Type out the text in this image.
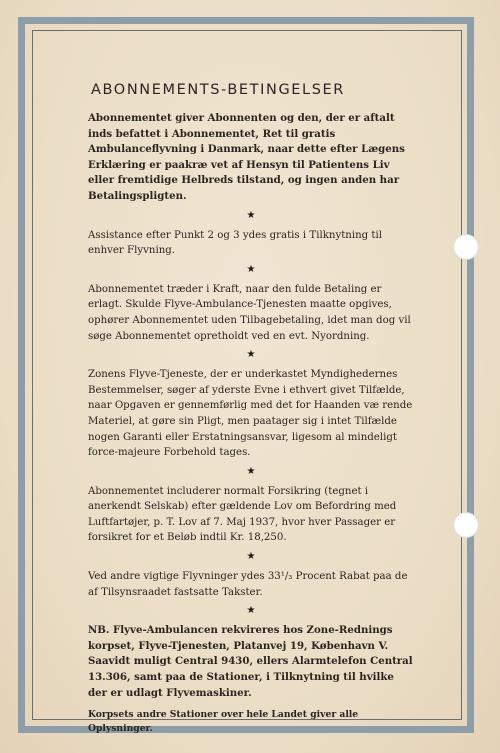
ABONNEMENTS-BETINGELSER

Abonnementet giver Abonnenten og den, der er aftalt inds befattet i Abonnementet, Ret til gratis Ambulanceflyvning i Danmark, naar dette efter Lægens Erklæring er paakræ vet af Hensyn til Patientens Liv eller fremtidige Helbreds tilstand, og ingen anden har Betalingspligten.

★

Assistance efter Punkt 2 og 3 ydes gratis i Tilknytning til enhver Flyvning.

★

Abonnementet træder i Kraft, naar den fulde Betaling er erlagt. Skulde Flyve-Ambulance-Tjenesten maatte opgives, ophører Abonnementet uden Tilbagebetaling, idet man dog vil søge Abonnementet opretholdt ved en evt. Nyordning.

★

Zonens Flyve-Tjeneste, der er underkastet Myndighedernes Bestemmelser, søger af yderste Evne i ethvert givet Tilfælde, naar Opgaven er gennemførlig med det for Haanden væ rende Materiel, at gøre sin Pligt, men paatager sig i intet Tilfælde nogen Garanti eller Erstatningsansvar, ligesom al mindeligt force-majeure Forbehold tages.

★

Abonnementet includerer normalt Forsikring (tegnet i anerkendt Selskab) efter gældende Lov om Befordring med Luftfartøjer, p. T. Lov af 7. Maj 1937, hvor hver Passager er forsikret for et Beløb indtil Kr. 18,250.

★

Ved andre vigtige Flyvninger ydes 33¹/₃ Procent Rabat paa de af Tilsynsraadet fastsatte Takster.

★

NB. Flyve-Ambulancen rekvireres hos Zone-Rednings korpset, Flyve-Tjenesten, Platanvej 19, København V. Saavidt muligt Central 9430, ellers Alarmtelefon Central 13.306, samt paa de Stationer, i Tilknytning til hvilke der er udlagt Flyvemaskiner.

Korpsets andre Stationer over hele Landet giver alle Oplysninger.
